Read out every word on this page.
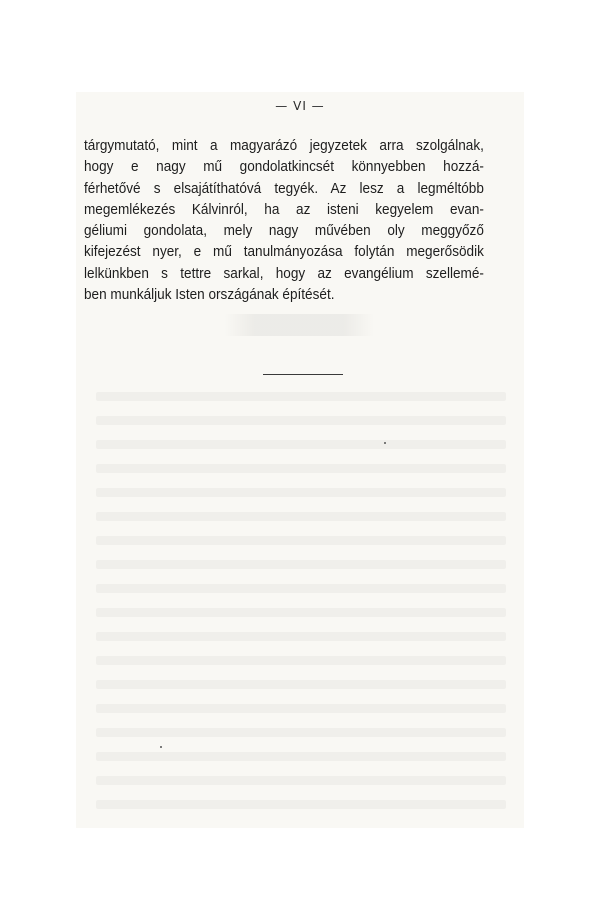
— VI —
tárgymutató, mint a magyarázó jegyzetek arra szolgálnak,
hogy e nagy mű gondolatkincsét könnyebben hozzá-
férhetővé s elsajátíthatóvá tegyék. Az lesz a legméltóbb
megemlékezés Kálvinról, ha az isteni kegyelem evan-
géliumi gondolata, mely nagy művében oly meggyőző
kifejezést nyer, e mű tanulmányozása folytán megerősödik
lelkünkben s tettre sarkal, hogy az evangélium szellemé-
ben munkáljuk Isten országának építését.
